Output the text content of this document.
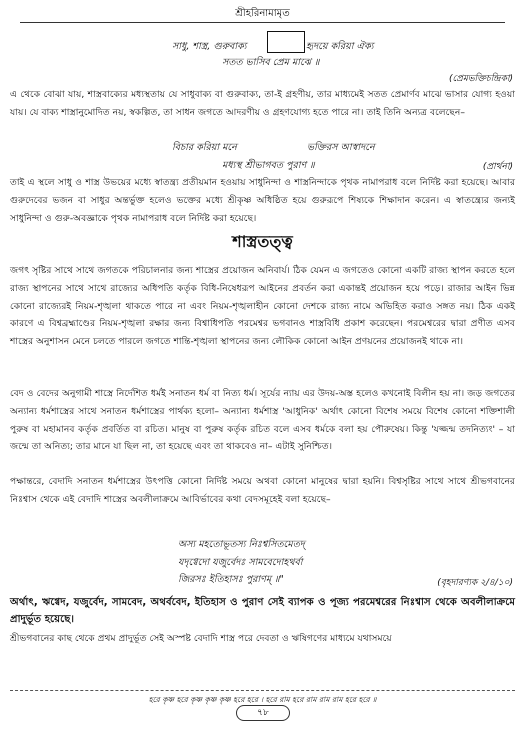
শ্রীহরিনামামৃত
সাধু, শাস্ত্র, গুরুবাক্য	হৃদয়ে করিয়া ঐক্য
সতত ভাসিব প্রেম মাঝে ॥
(প্রেমভক্তিচন্দ্রিকা)

এ থেকে বোঝা যায়, শাস্ত্রবাক্যের মধ্যস্থতায় যে সাধুবাক্য বা গুরুবাক্য, তা-ই গ্রহণীয়, তার মাধ্যমেই সতত প্রেমার্ণব মাঝে ভাসার যোগ্য হওয়া যায়। যে বাক্য শাস্ত্রানুমোদিত নয়, স্বকল্পিত, তা সাধন জগতে আদরণীয় ও গ্রহণযোগ্য হতে পারে না। তাই তিনি অন্যত্র বলেছেন–

বিচার করিয়া মনে	ভক্তিরস আস্বাদনে
মধ্যস্থ শ্রীভাগবত পুরাণ ॥	(প্রার্থনা)

তাই এ স্থলে সাধু ও শাস্ত্র উভয়ের মধ্যে স্বাতন্ত্র্য প্রতীয়মান হওয়ায় সাধুনিন্দা ও শাস্ত্রনিন্দাকে পৃথক নামাপরাধ বলে নির্দিষ্ট করা হয়েছে। আবার গুরুদেবের ভজন বা সাধুর অন্তর্ভুক্ত হলেও ভক্তের মধ্যে শ্রীকৃষ্ণ অধিষ্ঠিত হয়ে গুরুরূপে শিষ্যকে শিক্ষাদান করেন। এ স্বাতন্ত্র্যের জন্যই সাধুনিন্দা ও গুরু-অবজ্ঞাকে পৃথক নামাপরাধ বলে নির্দিষ্ট করা হয়েছে।

শাস্ত্রতত্ত্ব

জগৎ সৃষ্টির সাথে সাথে জগতকে পরিচালনার জন্য শাস্ত্রের প্রয়োজন অনিবার্য। ঠিক যেমন এ জগতেও কোনো একটি রাজ্য স্থাপন করতে হলে রাজ্য স্থাপনের সাথে সাথে রাজ্যের অধিপতি কর্তৃক বিধি-নিষেধরূপ আইনের প্রবর্তন করা একান্তই প্রয়োজন হয়ে পড়ে। রাজার আইন ভিন্ন কোনো রাজ্যেরই নিয়ম-শৃঙ্খলা থাকতে পারে না এবং নিয়ম-শৃঙ্খলাহীন কোনো দেশকে রাজ্য নামে অভিহিত করাও সঙ্গত নয়। ঠিক একই কারণে এ বিশ্বব্রহ্মাণ্ডের নিয়ম-শৃঙ্খলা রক্ষার জন্য বিশ্বাধিপতি পরমেশ্বর ভগবানও শাস্ত্রবিধি প্রকাশ করেছেন। পরমেশ্বরের দ্বারা প্রণীত এসব শাস্ত্রের অনুশাসন মেনে চলতে পারলে জগতে শান্তি-শৃঙ্খলা স্থাপনের জন্য লৌকিক কোনো আইন প্রণয়নের প্রয়োজনই থাকে না।

বেদ ও বেদের অনুগামী শাস্ত্রে নির্দেশিত ধর্মই সনাতন ধর্ম বা নিত্য ধর্ম। সূর্যের ন্যায় এর উদয়-অস্ত হলেও কখনোই বিলীন হয় না। জড় জগতের অন্যান্য ধর্মশাস্ত্রের সাথে সনাতন ধর্মশাস্ত্রের পার্থক্য হলো– অন্যান্য ধর্মশাস্ত্র 'আধুনিক' অর্থাৎ কোনো বিশেষ সময়ে বিশেষ কোনো শক্তিশালী পুরুষ বা মহামানব কর্তৃক প্রবর্তিত বা রচিত। মানুষ বা পুরুষ কর্তৃক রচিত বলে এসব ধর্মকে বলা হয় পৌরুষেয়। কিন্তু 'যজ্জন্ম তদনিত্যং' – যা জন্মে তা অনিত্য; তার মানে যা ছিল না, তা হয়েছে এবং তা থাকবেও না– এটাই সুনিশ্চিত।

পক্ষান্তরে, বেদাদি সনাতন ধর্মশাস্ত্রের উৎপত্তি কোনো নির্দিষ্ট সময়ে অথবা কোনো মানুষের দ্বারা হয়নি। বিশ্বসৃষ্টির সাথে সাথে শ্রীভগবানের নিঃশ্বাস থেকে এই বেদাদি শাস্ত্রের অবলীলাক্রমে আবির্ভাবের কথা বেদসমূহেই বলা হয়েছে–

অস্য মহতোভূতস্য নিঃশ্বসিতমেতদ্
যদৃগ্বেদো যজুর্বেদঃ সামবেদোহথর্বা
জিরসঃ ইতিহাসঃ পুরাণম্ ॥"	(বৃহদারণ্যক ২/৪/১০)

অর্থাৎ, ঋগ্বেদ, যজুর্বেদ, সামবেদ, অথর্ববেদ, ইতিহাস ও পুরাণ সেই ব্যাপক ও পূজ্য পরমেশ্বরের নিঃশ্বাস থেকে অবলীলাক্রমে প্রাদুর্ভূত হয়েছে।

শ্রীভগবানের কাছ থেকে প্রথম প্রাদুর্ভূত সেই অস্পষ্ট বেদাদি শাস্ত্র পরে দেবতা ও ঋষিগণের মাধ্যমে যথাসময়ে

হরে কৃষ্ণ হরে কৃষ্ণ কৃষ্ণ কৃষ্ণ হরে হরে । হরে রাম হরে রাম রাম রাম হরে হরে ॥
৭৮
